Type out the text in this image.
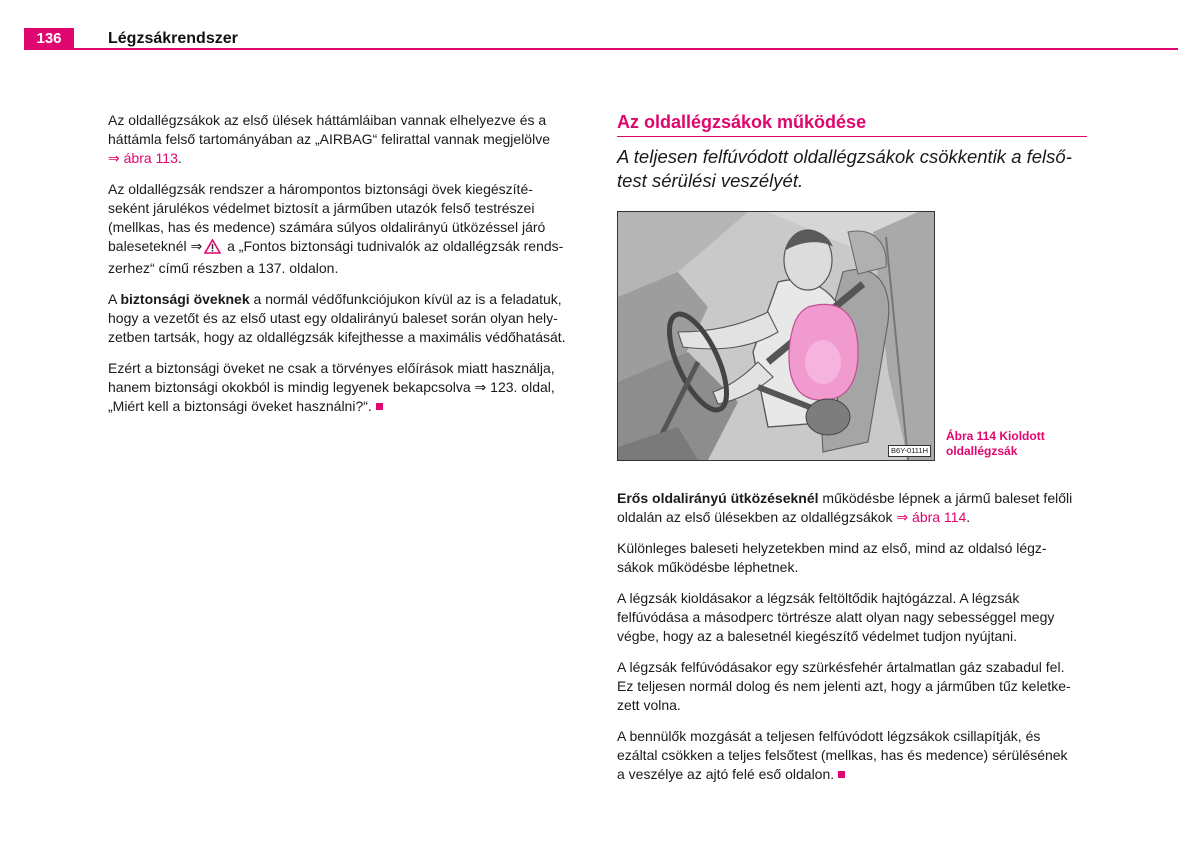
136	Légzsákrendszer

Az oldallégzsákok az első ülések háttámláiban vannak elhelyezve és a
háttámla felső tartományában az „AIRBAG“ felirattal vannak megjelölve
⇒ ábra 113.

Az oldallégzsák rendszer a hárompontos biztonsági övek kiegészíté-
seként járulékos védelmet biztosít a járműben utazók felső testrészei
(mellkas, has és medence) számára súlyos oldalirányú ütközéssel járó
baleseteknél ⇒ a „Fontos biztonsági tudnivalók az oldallégzsák rends-
zerhez“ című részben a 137. oldalon.

A biztonsági öveknek a normál védőfunkciójukon kívül az is a feladatuk,
hogy a vezetőt és az első utast egy oldalirányú baleset során olyan hely-
zetben tartsák, hogy az oldallégzsák kifejthesse a maximális védőhatását.

Ezért a biztonsági öveket ne csak a törvényes előírások miatt használja,
hanem biztonsági okokból is mindig legyenek bekapcsolva ⇒ 123. oldal,
„Miért kell a biztonsági öveket használni?“.

Az oldallégzsákok működése
A teljesen felfúvódott oldallégzsákok csökkentik a felső-
test sérülési veszélyét.
B6Y-0111H
Ábra 114 Kioldott
oldallégzsák

Erős oldalirányú ütközéseknél működésbe lépnek a jármű baleset felőli
oldalán az első ülésekben az oldallégzsákok ⇒ ábra 114.

Különleges baleseti helyzetekben mind az első, mind az oldalsó légz-
sákok működésbe léphetnek.

A légzsák kioldásakor a légzsák feltöltődik hajtógázzal. A légzsák
felfúvódása a másodperc törtrésze alatt olyan nagy sebességgel megy
végbe, hogy az a balesetnél kiegészítő védelmet tudjon nyújtani.

A légzsák felfúvódásakor egy szürkésfehér ártalmatlan gáz szabadul fel.
Ez teljesen normál dolog és nem jelenti azt, hogy a járműben tűz keletke-
zett volna.

A bennülők mozgását a teljesen felfúvódott légzsákok csillapítják, és
ezáltal csökken a teljes felsőtest (mellkas, has és medence) sérülésének
a veszélye az ajtó felé eső oldalon.
